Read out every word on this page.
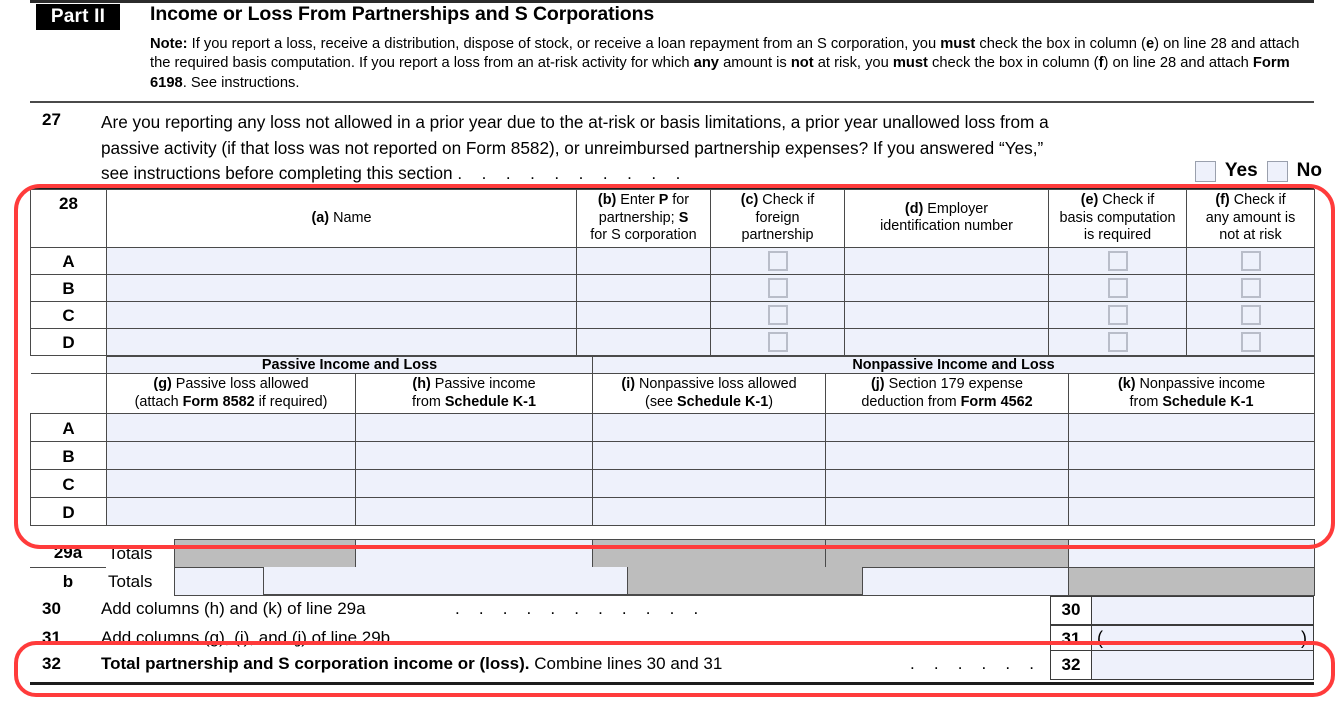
Part II	Income or Loss From Partnerships and S Corporations
Note: If you report a loss, receive a distribution, dispose of stock, or receive a loan repayment from an S corporation, you must check the box in column (e) on line 28 and attach the required basis computation. If you report a loss from an at-risk activity for which any amount is not at risk, you must check the box in column (f) on line 28 and attach Form 6198. See instructions.
27 Are you reporting any loss not allowed in a prior year due to the at-risk or basis limitations, a prior year unallowed loss from a
passive activity (if that loss was not reported on Form 8582), or unreimbursed partnership expenses? If you answered “Yes,”
see instructions before completing this section . . . . . . . . . .	Yes No
28	(a) Name	(b) Enter P for
partnership; S
for S corporation	(c) Check if
foreign
partnership	(d) Employer
identification number	(e) Check if
basis computation
is required	(f) Check if
any amount is
not at risk
A						
B						
C						
D						
	Passive Income and Loss		Nonpassive Income and Loss		
	(g) Passive loss allowed
(attach Form 8582 if required)	(h) Passive income
from Schedule K-1	(i) Nonpassive loss allowed
(see Schedule K-1)	(j) Section 179 expense
deduction from Form 4562	(k) Nonpassive income
from Schedule K-1
A					
B					
C					
D					
29a	Totals					
b	Totals					
30 Add columns (h) and (k) of line 29a	. . . . . . . . . . .	30
31 Add columns (g), (i), and (j) of line 29b	. . . . . . . . . .	31 (	)
32 Total partnership and S corporation income or (loss). Combine lines 30 and 31	. . . . . .	32
